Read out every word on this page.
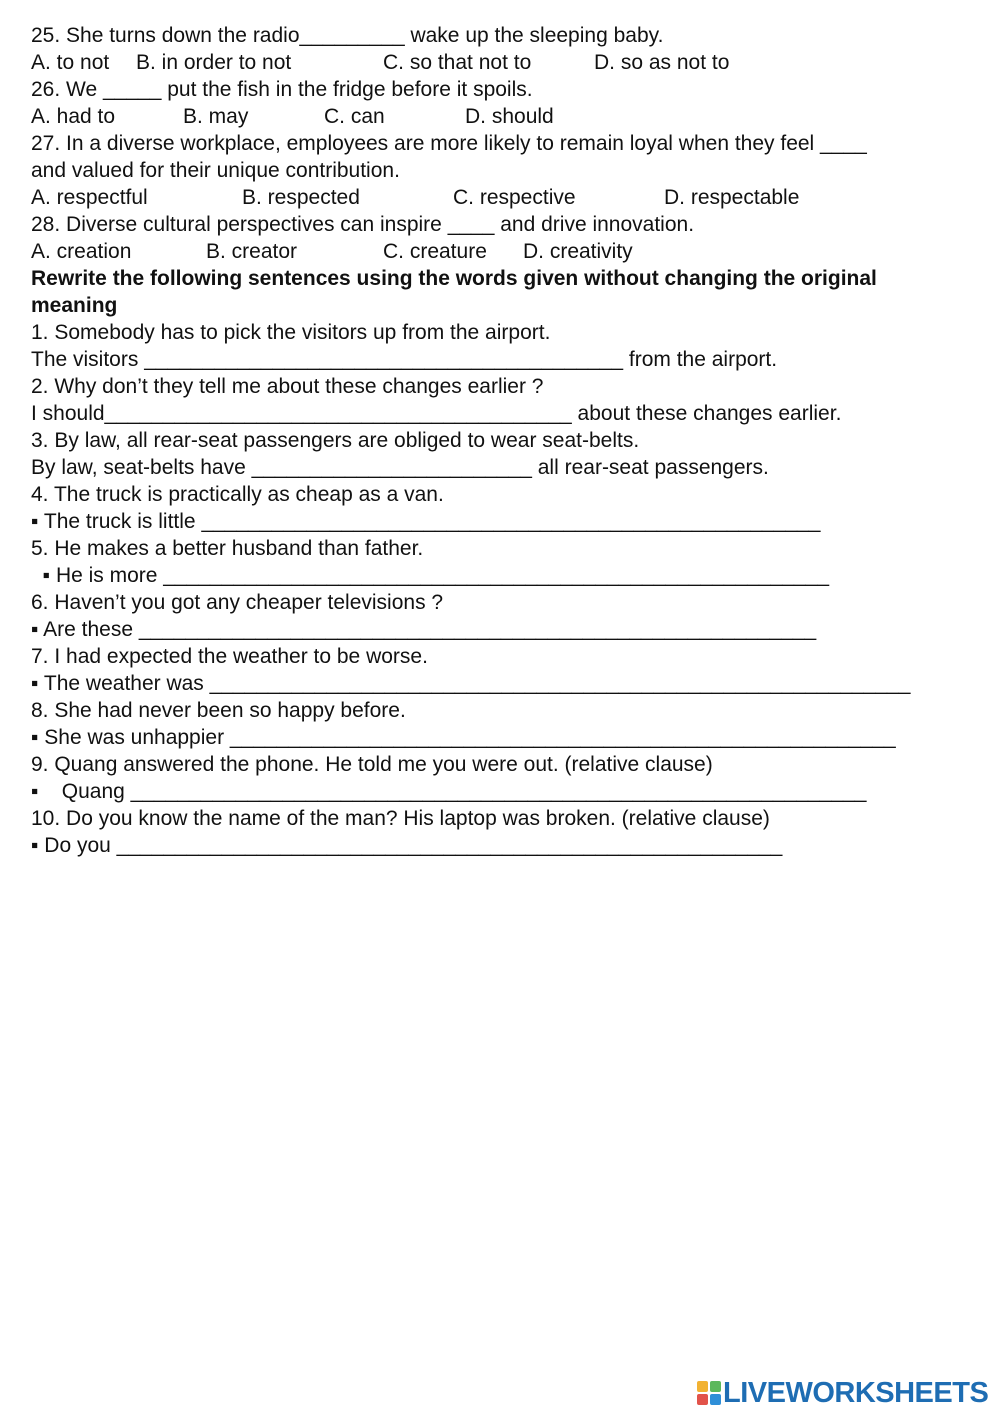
25. She turns down the radio_________ wake up the sleeping baby.

A. to not

B. in order to not

	C. so that not to

	D. so as not to

26. We _____ put the fish in the fridge before it spoils.

A. had to

	B. may

	C. can

	D. should

27. In a diverse workplace, employees are more likely to remain loyal when they feel ____
and valued for their unique contribution.

A. respectful

	B. respected

	C. respective

	D. respectable

28. Diverse cultural perspectives can inspire ____ and drive innovation.

A. creation

	B. creator

	C. creature

D. creativity

Rewrite the following sentences using the words given without changing the original
meaning
1. Somebody has to pick the visitors up from the airport.
The visitors _________________________________________ from the airport.
2. Why don’t they tell me about these changes earlier ?
I should________________________________________ about these changes earlier.
3. By law, all rear-seat passengers are obliged to wear seat-belts.
By law, seat-belts have ________________________ all rear-seat passengers.
4. The truck is practically as cheap as a van.
▪ The truck is little _____________________________________________________
5. He makes a better husband than father.
▪ He is more _________________________________________________________
6. Haven’t you got any cheaper televisions ?
▪ Are these __________________________________________________________
7. I had expected the weather to be worse.
▪ The weather was ____________________________________________________________
8. She had never been so happy before.
▪ She was unhappier _________________________________________________________
9. Quang answered the phone. He told me you were out. (relative clause)
▪    Quang _______________________________________________________________
10. Do you know the name of the man? His laptop was broken. (relative clause)
▪ Do you _________________________________________________________
LIVEWORKSHEETS
